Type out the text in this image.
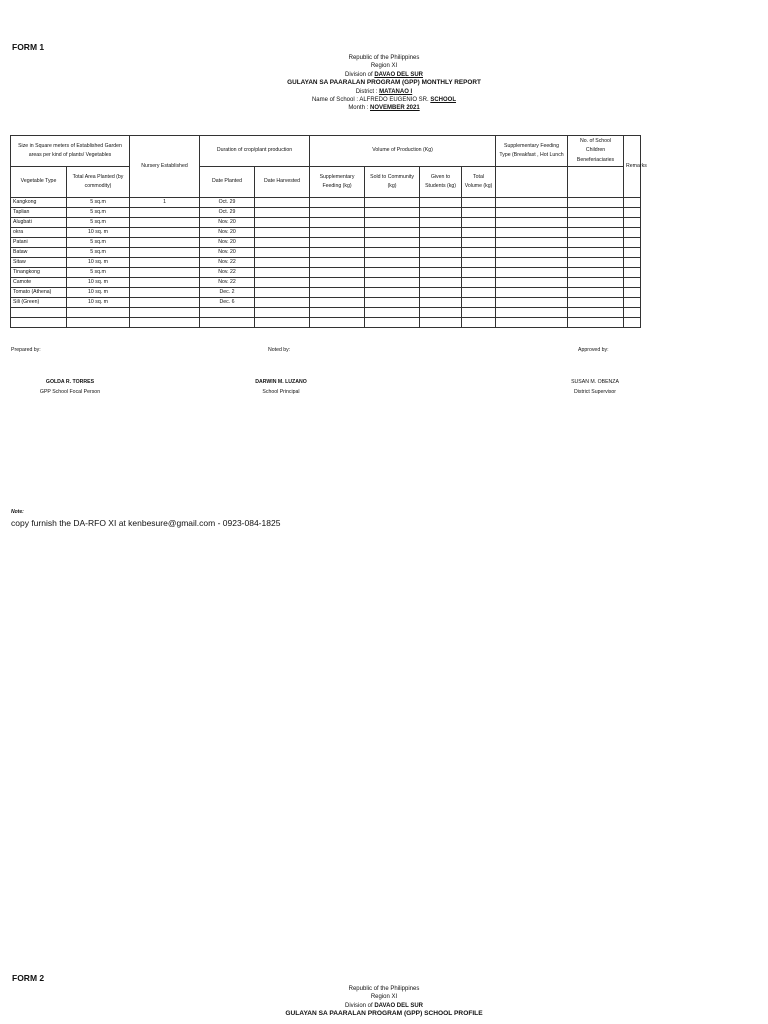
FORM 1
Republic of the Philippines
Region XI
Division of DAVAO DEL SUR
GULAYAN SA PAARALAN PROGRAM (GPP) MONTHLY REPORT
District : MATANAO I
Name of School : ALFREDO EUGENIO SR. SCHOOL
Month : NOVEMBER 2021
Size in Square meters of Established Garden areas per kind of plants/ Vegetables		Nursery Established	Duration of crop/plant production		Volume of Production (Kg)				Supplementary Feeding Type (Breakfast , Hot Lunch	No. of School Children Beneferiaciaries	Remarks
Vegetable Type	Total Area Planted (by commodity)		Date Planted	Date Harvested	Supplementary Feeding (kg)	Sold to Community (kg)	Given to Students (kg)	Total Volume (kg)			
Kangkong	5 sq.m	1	Oct. 29								
Taplian	5 sq.m		Oct. 29								
Alugbati	5 sq.m		Nov. 20								
okra	10 sq. m		Nov. 20								
Patani	5 sq.m		Nov. 20								
Bataw	5 sq.m		Nov. 20								
Sitaw	10 sq. m		Nov. 22								
Tinangkong	5 sq.m		Nov. 22								
Camote	10 sq. m		Nov. 22								
Tomato (Athena)	10 sq. m		Dec. 2								
Sili (Green)	10 sq. m		Dec. 6								

Prepared by:	Noted by:	Approved by:
GOLDA R. TORRES
GPP School Focal Person
DARWIN M. LUZANO
School Principal
SUSAN M. OBENZA
District Supervisor
Note:
copy furnish the DA-RFO XI at kenbesure@gmail.com - 0923-084-1825
FORM 2
Republic of the Philippines
Region XI
Division of DAVAO DEL SUR
GULAYAN SA PAARALAN PROGRAM (GPP) SCHOOL PROFILE
